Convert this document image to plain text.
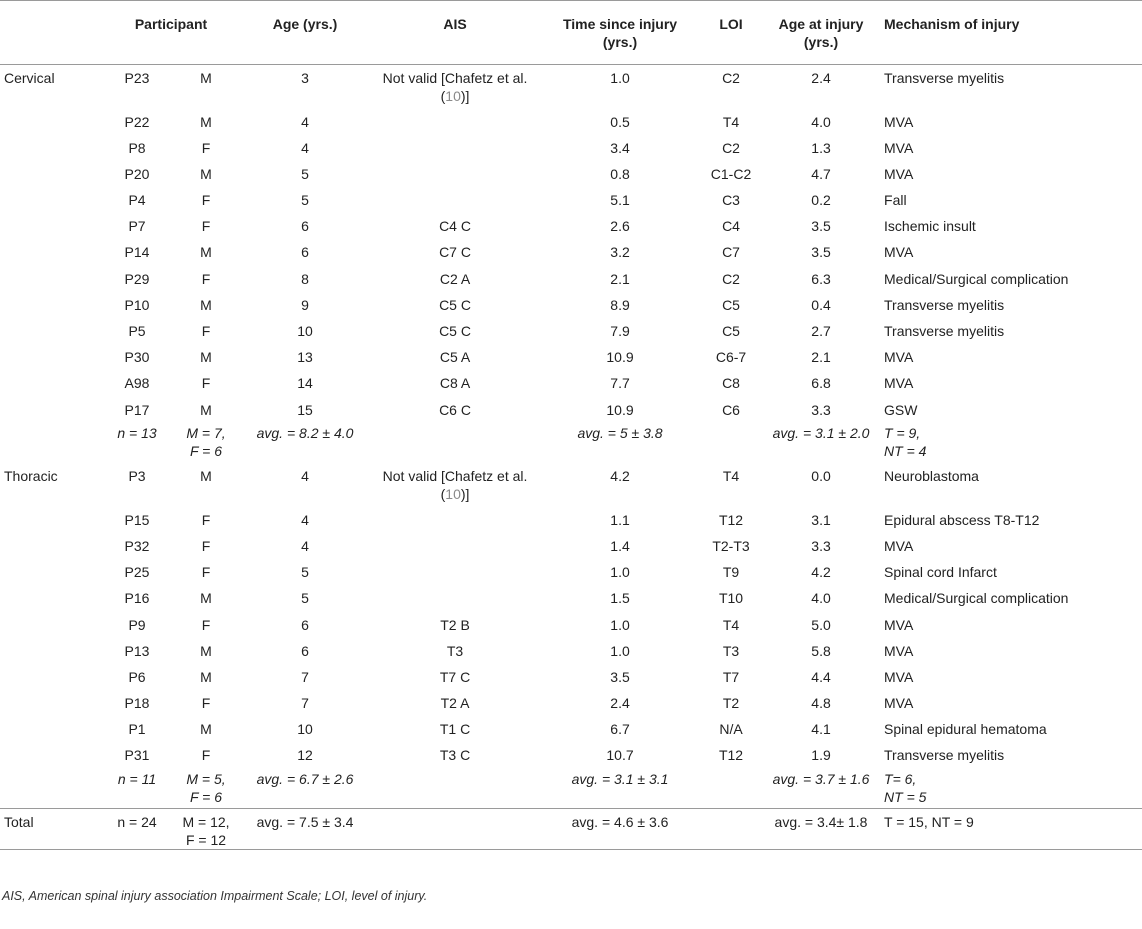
	Participant		Age (yrs.)	AIS	Time since injury
(yrs.)	LOI	Age at injury
(yrs.)	Mechanism of injury
Cervical	P23	M	3	Not valid [Chafetz et al.
(10)]	1.0	C2	2.4	Transverse myelitis
	P22	M	4		0.5	T4	4.0	MVA
	P8	F	4		3.4	C2	1.3	MVA
	P20	M	5		0.8	C1-C2	4.7	MVA
	P4	F	5		5.1	C3	0.2	Fall
	P7	F	6	C4 C	2.6	C4	3.5	Ischemic insult
	P14	M	6	C7 C	3.2	C7	3.5	MVA
	P29	F	8	C2 A	2.1	C2	6.3	Medical/Surgical complication
	P10	M	9	C5 C	8.9	C5	0.4	Transverse myelitis
	P5	F	10	C5 C	7.9	C5	2.7	Transverse myelitis
	P30	M	13	C5 A	10.9	C6-7	2.1	MVA
	A98	F	14	C8 A	7.7	C8	6.8	MVA
	P17	M	15	C6 C	10.9	C6	3.3	GSW
	n = 13	M = 7,
F = 6	avg. = 8.2 ± 4.0		avg. = 5 ± 3.8		avg. = 3.1 ± 2.0	T = 9,
NT = 4
Thoracic	P3	M	4	Not valid [Chafetz et al.
(10)]	4.2	T4	0.0	Neuroblastoma
	P15	F	4		1.1	T12	3.1	Epidural abscess T8-T12
	P32	F	4		1.4	T2-T3	3.3	MVA
	P25	F	5		1.0	T9	4.2	Spinal cord Infarct
	P16	M	5		1.5	T10	4.0	Medical/Surgical complication
	P9	F	6	T2 B	1.0	T4	5.0	MVA
	P13	M	6	T3	1.0	T3	5.8	MVA
	P6	M	7	T7 C	3.5	T7	4.4	MVA
	P18	F	7	T2 A	2.4	T2	4.8	MVA
	P1	M	10	T1 C	6.7	N/A	4.1	Spinal epidural hematoma
	P31	F	12	T3 C	10.7	T12	1.9	Transverse myelitis
	n = 11	M = 5,
F = 6	avg. = 6.7 ± 2.6		avg. = 3.1 ± 3.1		avg. = 3.7 ± 1.6	T= 6,
NT = 5
Total	n = 24	M = 12,
F = 12	avg. = 7.5 ± 3.4		avg. = 4.6 ± 3.6		avg. = 3.4± 1.8	T = 15, NT = 9
AIS, American spinal injury association Impairment Scale; LOI, level of injury.
